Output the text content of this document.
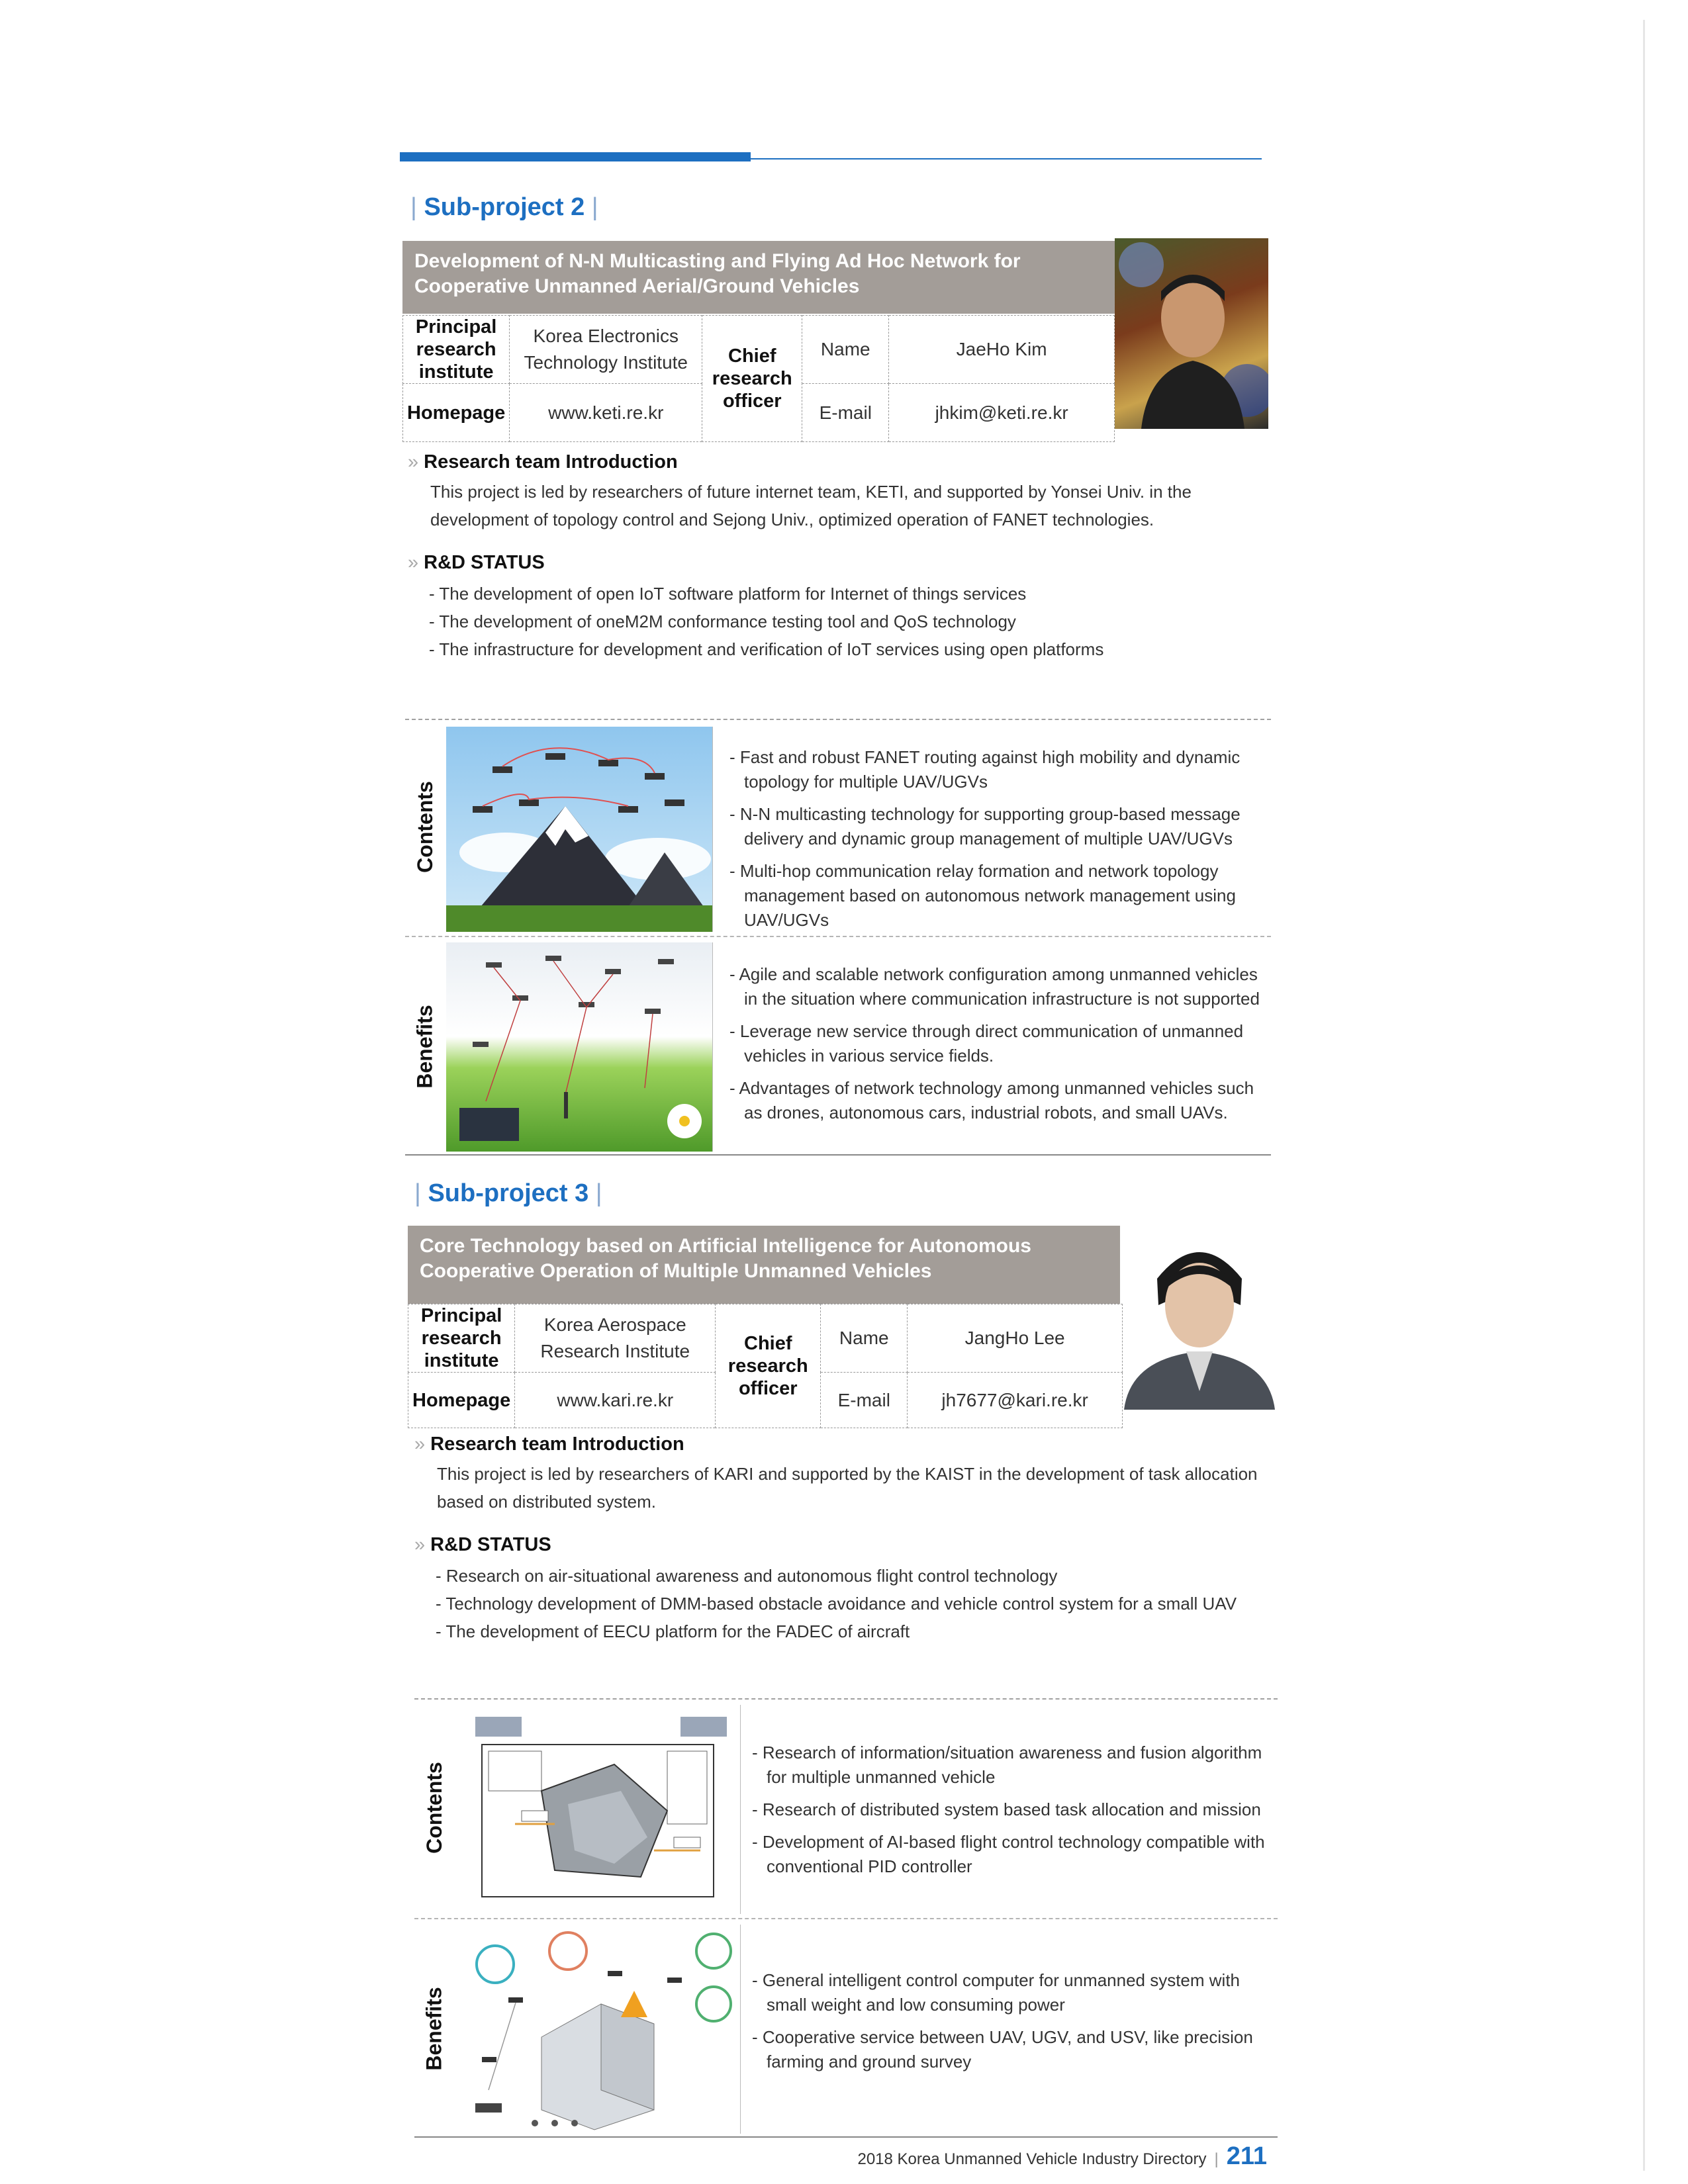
| Sub-project 2 |
Development of N-N Multicasting and Flying Ad Hoc Network for Cooperative Unmanned Aerial/Ground Vehicles
Principal research institute	Korea Electronics Technology Institute	Chief research officer	Name	JaeHo Kim
Homepage	www.keti.re.kr		E-mail	jhkim@keti.re.kr
» Research team Introduction
This project is led by researchers of future internet team, KETI, and supported by Yonsei Univ. in the development of topology control and Sejong Univ., optimized operation of FANET technologies.
» R&D STATUS
- The development of open IoT software platform for Internet of things services
- The development of oneM2M conformance testing tool and QoS technology
- The infrastructure for development and verification of IoT services using open platforms
Contents
- Fast and robust FANET routing against high mobility and dynamic topology for multiple UAV/UGVs
- N-N multicasting technology for supporting group-based message delivery and dynamic group management of multiple UAV/UGVs
- Multi-hop communication relay formation and network topology management based on autonomous network management using UAV/UGVs
Benefits
- Agile and scalable network configuration among unmanned vehicles in the situation where communication infrastructure is not supported
- Leverage new service through direct communication of unmanned vehicles in various service fields.
- Advantages of network technology among unmanned vehicles such as drones, autonomous cars, industrial robots, and small UAVs.
| Sub-project 3 |
Core Technology based on Artificial Intelligence for Autonomous Cooperative Operation of Multiple Unmanned Vehicles
Principal research institute	Korea Aerospace Research Institute	Chief research officer	Name	JangHo Lee
Homepage	www.kari.re.kr		E-mail	jh7677@kari.re.kr
» Research team Introduction
This project is led by researchers of KARI and supported by the KAIST in the development of task allocation based on distributed system.
» R&D STATUS
- Research on air-situational awareness and autonomous flight control technology
- Technology development of DMM-based obstacle avoidance and vehicle control system for a small UAV
- The development of EECU platform for the FADEC of aircraft
Contents
- Research of information/situation awareness and fusion algorithm for multiple unmanned vehicle
- Research of distributed system based task allocation and mission
- Development of AI-based flight control technology compatible with conventional PID controller
Benefits
- General intelligent control computer for unmanned system with small weight and low consuming power
- Cooperative service between UAV, UGV, and USV, like precision farming and ground survey
2018 Korea Unmanned Vehicle Industry Directory | 211
